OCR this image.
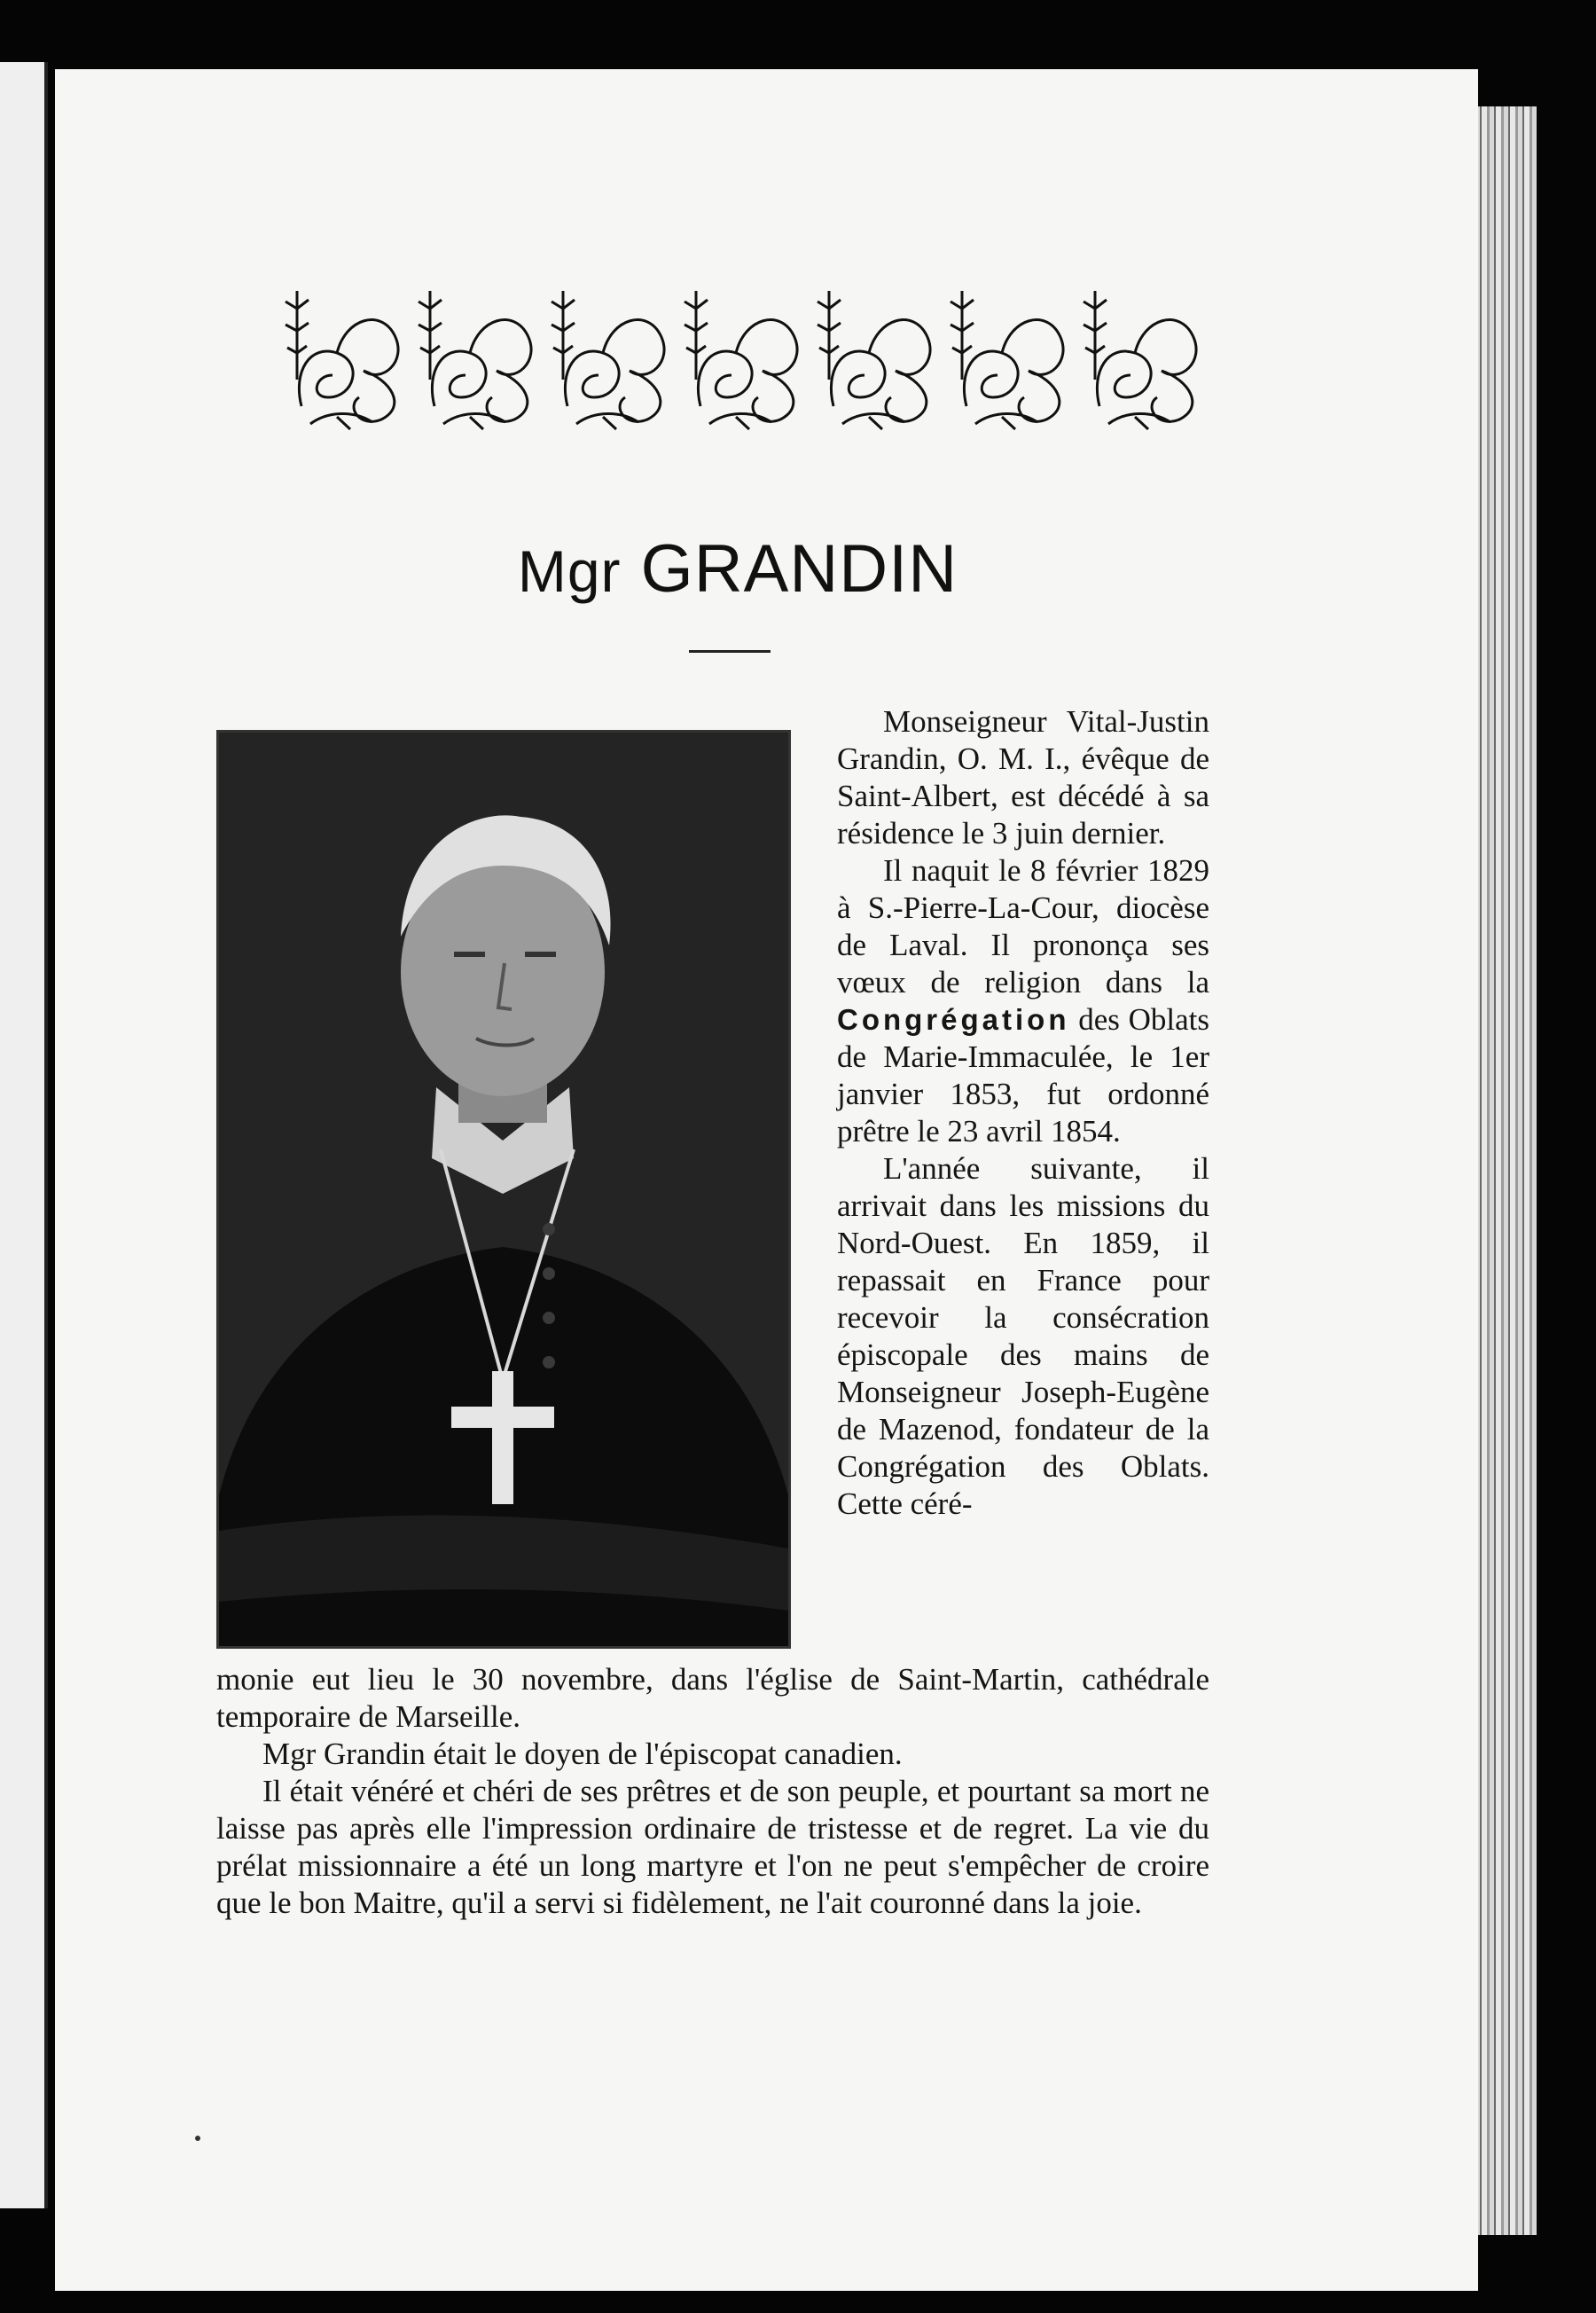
Mgr GRANDIN

Monseigneur Vital-Justin Grandin, O. M. I., évêque de Saint-Albert, est décédé à sa résidence le 3 juin dernier.

Il naquit le 8 février 1829 à S.-Pierre-La-Cour, diocèse de Laval. Il prononça ses vœux de religion dans la Congrégation des Oblats de Marie-Immaculée, le 1er janvier 1853, fut ordonné prêtre le 23 avril 1854.

L'année suivante, il arrivait dans les missions du Nord-Ouest. En 1859, il repassait en France pour recevoir la consécration épiscopale des mains de Monseigneur Joseph-Eugène de Mazenod, fondateur de la Congrégation des Oblats. Cette céré-

monie eut lieu le 30 novembre, dans l'église de Saint-Martin, cathédrale temporaire de Marseille.

Mgr Grandin était le doyen de l'épiscopat canadien.

Il était vénéré et chéri de ses prêtres et de son peuple, et pourtant sa mort ne laisse pas après elle l'impression ordinaire de tristesse et de regret. La vie du prélat missionnaire a été un long martyre et l'on ne peut s'empêcher de croire que le bon Maitre, qu'il a servi si fidèlement, ne l'ait couronné dans la joie.
